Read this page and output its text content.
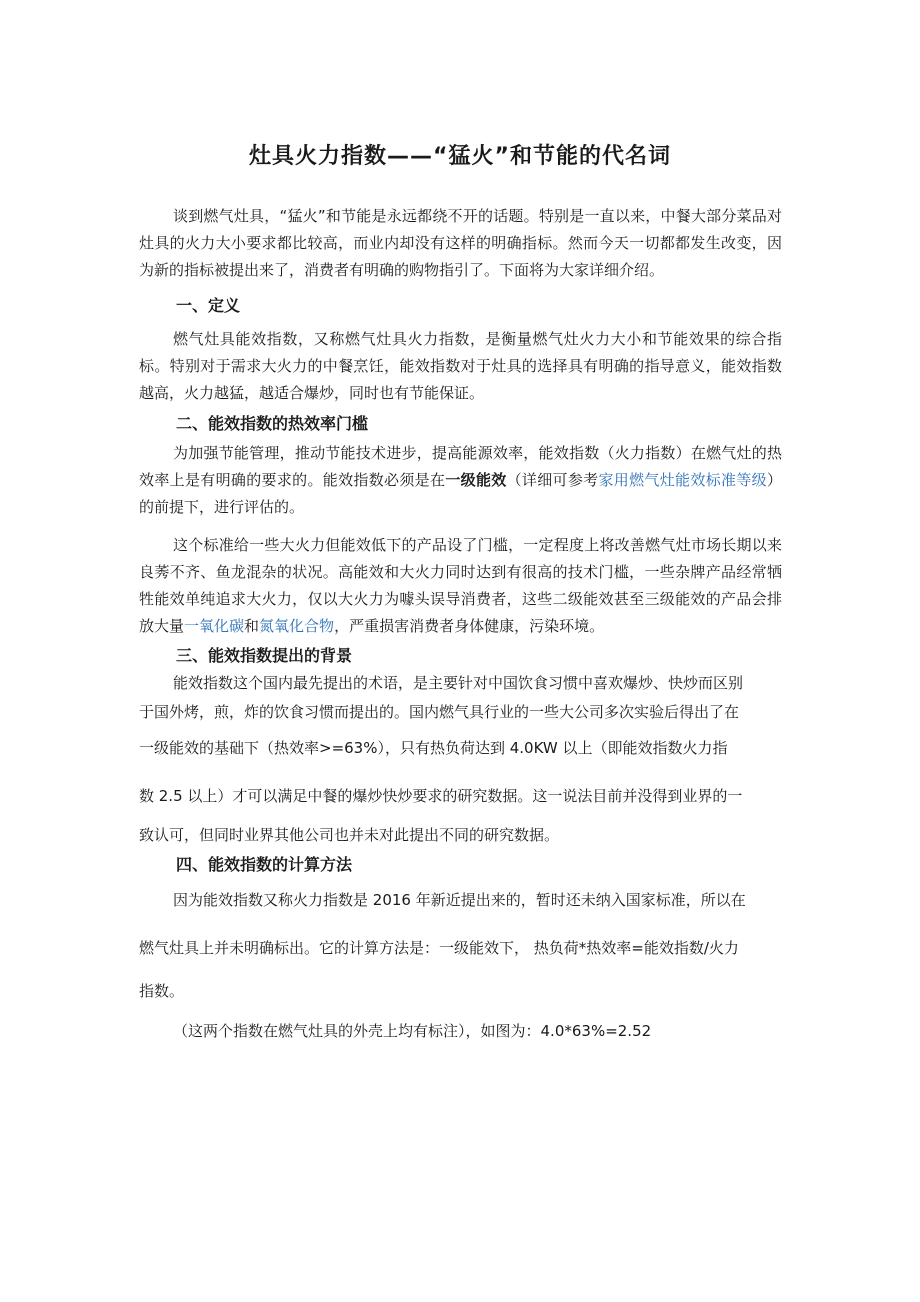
灶具火力指数——“猛火”和节能的代名词
谈到燃气灶具，“猛火”和节能是永远都绕不开的话题。特别是一直以来，中餐大部分菜品对灶具的火力大小要求都比较高，而业内却没有这样的明确指标。然而今天一切都都发生改变，因为新的指标被提出来了，消费者有明确的购物指引了。下面将为大家详细介绍。
一、定义
燃气灶具能效指数，又称燃气灶具火力指数，是衡量燃气灶火力大小和节能效果的综合指标。特别对于需求大火力的中餐烹饪，能效指数对于灶具的选择具有明确的指导意义，能效指数越高，火力越猛，越适合爆炒，同时也有节能保证。
二、能效指数的热效率门槛
为加强节能管理，推动节能技术进步，提高能源效率，能效指数（火力指数）在燃气灶的热效率上是有明确的要求的。能效指数必须是在一级能效（详细可参考家用燃气灶能效标准等级）的前提下，进行评估的。
这个标准给一些大火力但能效低下的产品设了门槛，一定程度上将改善燃气灶市场长期以来良莠不齐、鱼龙混杂的状况。高能效和大火力同时达到有很高的技术门槛，一些杂牌产品经常牺牲能效单纯追求大火力，仅以大火力为噱头误导消费者，这些二级能效甚至三级能效的产品会排放大量一氧化碳和氮氧化合物，严重损害消费者身体健康，污染环境。
三、能效指数提出的背景
能效指数这个国内最先提出的术语，是主要针对中国饮食习惯中喜欢爆炒、快炒而区别
于国外烤，煎，炸的饮食习惯而提出的。国内燃气具行业的一些大公司多次实验后得出了在
一级能效的基础下（热效率>=63%），只有热负荷达到 4.0KW 以上（即能效指数火力指
数 2.5 以上）才可以满足中餐的爆炒快炒要求的研究数据。这一说法目前并没得到业界的一
致认可，但同时业界其他公司也并未对此提出不同的研究数据。
四、能效指数的计算方法
因为能效指数又称火力指数是 2016 年新近提出来的，暂时还未纳入国家标准，所以在
燃气灶具上并未明确标出。它的计算方法是：一级能效下， 热负荷*热效率=能效指数/火力
指数。
（这两个指数在燃气灶具的外壳上均有标注），如图为：4.0*63%=2.52
